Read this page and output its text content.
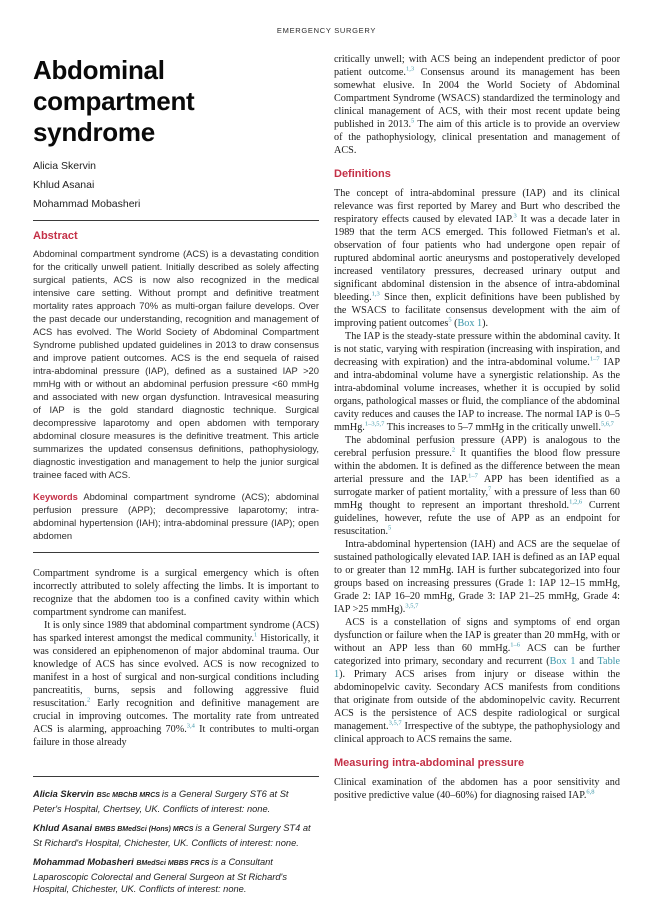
EMERGENCY SURGERY
Abdominal compartment syndrome
Alicia Skervin
Khlud Asanai
Mohammad Mobasheri
Abstract

Abdominal compartment syndrome (ACS) is a devastating condition for the critically unwell patient. Initially described as solely affecting surgical patients, ACS is now also recognized in the medical intensive care setting. Without prompt and definitive treatment mortality rates approach 70% as multi-organ failure develops. Over the past decade our understanding, recognition and management of ACS has evolved. The World Society of Abdominal Compartment Syndrome published updated guidelines in 2013 to draw consensus and improve patient outcomes. ACS is the end sequela of raised intra-abdominal pressure (IAP), defined as a sustained IAP >20 mmHg with or without an abdominal perfusion pressure <60 mmHg and associated with new organ dysfunction. Intravesical measuring of IAP is the gold standard diagnostic technique. Surgical decompressive laparotomy and open abdomen with temporary abdominal closure measures is the definitive treatment. This article summarizes the updated consensus definitions, pathophysiology, diagnostic investigation and management to help the junior surgical trainee faced with ACS.

Keywords Abdominal compartment syndrome (ACS); abdominal perfusion pressure (APP); decompressive laparotomy; intra-abdominal hypertension (IAH); intra-abdominal pressure (IAP); open abdomen

Compartment syndrome is a surgical emergency which is often incorrectly attributed to solely affecting the limbs. It is important to recognize that the abdomen too is a confined cavity within which compartment syndrome can manifest.

It is only since 1989 that abdominal compartment syndrome (ACS) has sparked interest amongst the medical community.$^1$ Historically, it was considered an epiphenomenon of major abdominal trauma. Our knowledge of ACS has since evolved. ACS is now recognized to manifest in a host of surgical and non-surgical conditions including pancreatitis, burns, sepsis and following aggressive fluid resuscitation.$^2$ Early recognition and definitive management are crucial in improving outcomes. The mortality rate from untreated ACS is alarming, approaching 70%.$^{3,4}$ It contributes to multi-organ failure in those already

Alicia Skervin BSc MBChB MRCS is a General Surgery ST6 at St Peter's Hospital, Chertsey, UK. Conflicts of interest: none.

Khlud Asanai BMBS BMedSci (Hons) MRCS is a General Surgery ST4 at St Richard's Hospital, Chichester, UK. Conflicts of interest: none.

Mohammad Mobasheri BMedSci MBBS FRCS is a Consultant Laparoscopic Colorectal and General Surgeon at St Richard's Hospital, Chichester, UK. Conflicts of interest: none.

critically unwell; with ACS being an independent predictor of poor patient outcome.$^{1,3}$ Consensus around its management has been somewhat elusive. In 2004 the World Society of Abdominal Compartment Syndrome (WSACS) standardized the terminology and clinical management of ACS, with their most recent update being published in 2013.$^5$ The aim of this article is to provide an overview of the pathophysiology, clinical presentation and management of ACS.

Definitions

The concept of intra-abdominal pressure (IAP) and its clinical relevance was first reported by Marey and Burt who described the respiratory effects caused by elevated IAP.$^3$ It was a decade later in 1989 that the term ACS emerged. This followed Fietman's et al. observation of four patients who had undergone open repair of ruptured abdominal aortic aneurysms and postoperatively developed increased ventilatory pressures, decreased urinary output and significant abdominal distension in the absence of intra-abdominal bleeding.$^{1,3}$ Since then, explicit definitions have been published by the WSACS to facilitate consensus development with the aim of improving patient outcomes$^5$ (Box 1).

The IAP is the steady-state pressure within the abdominal cavity. It is not static, varying with respiration (increasing with inspiration, and decreasing with expiration) and the intra-abdominal volume.$^{1-7}$ IAP and intra-abdominal volume have a synergistic relationship. As the intra-abdominal volume increases, whether it is occupied by solid organs, pathological masses or fluid, the compliance of the abdominal cavity reduces and causes the IAP to increase. The normal IAP is 0–5 mmHg.$^{1-3,5,7}$ This increases to 5–7 mmHg in the critically unwell.$^{5,6,7}$

The abdominal perfusion pressure (APP) is analogous to the cerebral perfusion pressure.$^2$ It quantifies the blood flow pressure within the abdomen. It is defined as the difference between the mean arterial pressure and the IAP.$^{1-7}$ APP has been identified as a surrogate marker of patient mortality,$^7$ with a pressure of less than 60 mmHg thought to represent an important threshold.$^{1,2,6}$ Current guidelines, however, refute the use of APP as an endpoint for resuscitation.$^5$

Intra-abdominal hypertension (IAH) and ACS are the sequelae of sustained pathologically elevated IAP. IAH is defined as an IAP equal to or greater than 12 mmHg. IAH is further subcategorized into four groups based on increasing pressures (Grade 1: IAP 12–15 mmHg, Grade 2: IAP 16–20 mmHg, Grade 3: IAP 21–25 mmHg, Grade 4: IAP >25 mmHg).$^{3,5,7}$

ACS is a constellation of signs and symptoms of end organ dysfunction or failure when the IAP is greater than 20 mmHg, with or without an APP less than 60 mmHg.$^{1-6}$ ACS can be further categorized into primary, secondary and recurrent (Box 1 and Table 1). Primary ACS arises from injury or disease within the abdominopelvic cavity. Secondary ACS manifests from conditions that originate from outside of the abdominopelvic cavity. Recurrent ACS is the persistence of ACS despite radiological or surgical management.$^{3,5,7}$ Irrespective of the subtype, the pathophysiology and clinical approach to ACS remains the same.

Measuring intra-abdominal pressure

Clinical examination of the abdomen has a poor sensitivity and positive predictive value (40–60%) for diagnosing raised IAP.$^{6,8}$
